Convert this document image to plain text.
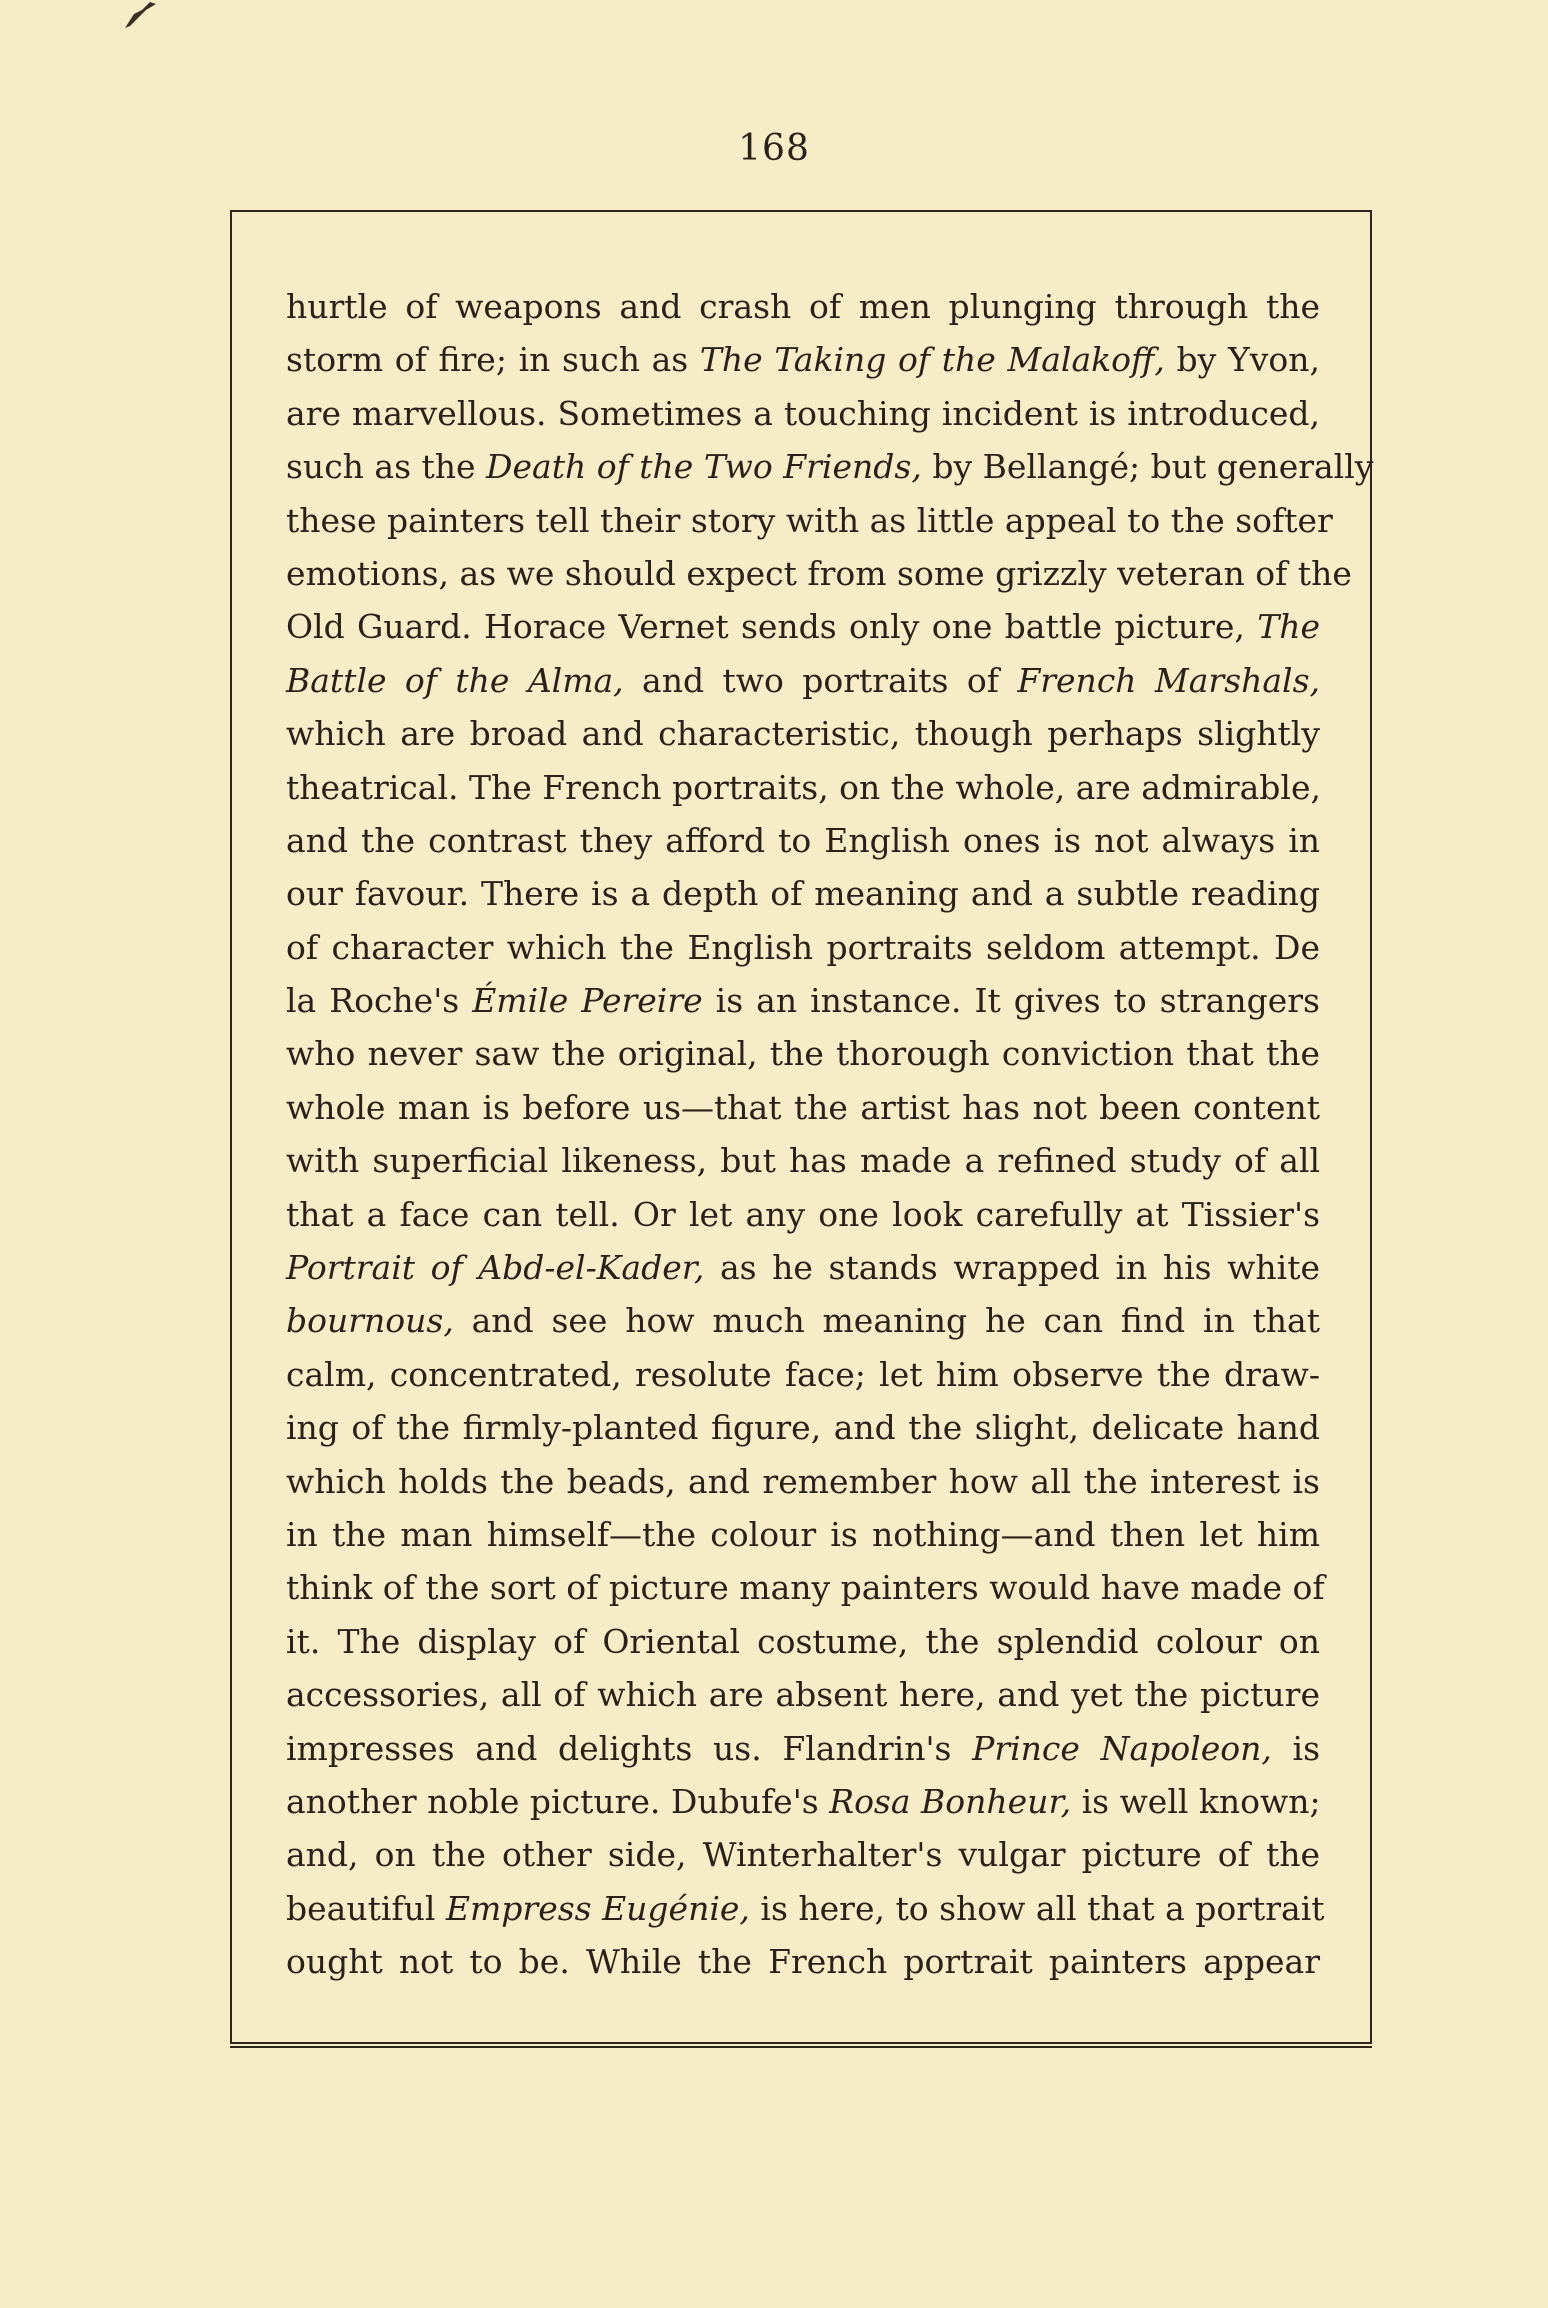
168
hurtle of weapons and crash of men plunging through the
storm of fire; in such as The Taking of the Malakoff, by Yvon,
are marvellous. Sometimes a touching incident is introduced,
such as the Death of the Two Friends, by Bellangé; but generally
these painters tell their story with as little appeal to the softer
emotions, as we should expect from some grizzly veteran of the
Old Guard. Horace Vernet sends only one battle picture, The
Battle of the Alma, and two portraits of French Marshals,
which are broad and characteristic, though perhaps slightly
theatrical. The French portraits, on the whole, are admirable,
and the contrast they afford to English ones is not always in
our favour. There is a depth of meaning and a subtle reading
of character which the English portraits seldom attempt. De
la Roche's Émile Pereire is an instance. It gives to strangers
who never saw the original, the thorough conviction that the
whole man is before us—that the artist has not been content
with superficial likeness, but has made a refined study of all
that a face can tell. Or let any one look carefully at Tissier's
Portrait of Abd-el-Kader, as he stands wrapped in his white
bournous, and see how much meaning he can find in that
calm, concentrated, resolute face; let him observe the draw-
ing of the firmly-planted figure, and the slight, delicate hand
which holds the beads, and remember how all the interest is
in the man himself—the colour is nothing—and then let him
think of the sort of picture many painters would have made of
it. The display of Oriental costume, the splendid colour on
accessories, all of which are absent here, and yet the picture
impresses and delights us. Flandrin's Prince Napoleon, is
another noble picture. Dubufe's Rosa Bonheur, is well known;
and, on the other side, Winterhalter's vulgar picture of the
beautiful Empress Eugénie, is here, to show all that a portrait
ought not to be. While the French portrait painters appear
